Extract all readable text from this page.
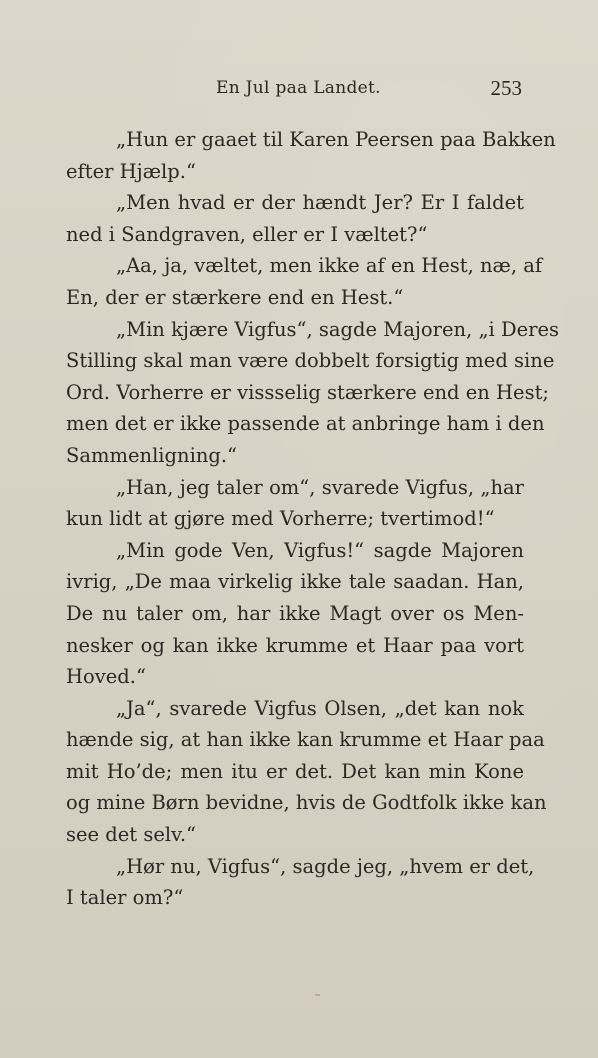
En Jul paa Landet.	253

„Hun er gaaet til Karen Peersen paa Bakken
efter Hjælp.“

„Men hvad er der hændt Jer? Er I faldet
ned i Sandgraven, eller er I væltet?“

„Aa, ja, væltet, men ikke af en Hest, næ, af
En, der er stærkere end en Hest.“

„Min kjære Vigfus“, sagde Majoren, „i Deres
Stilling skal man være dobbelt forsigtig med sine
Ord. Vorherre er vissselig stærkere end en Hest;
men det er ikke passende at anbringe ham i den
Sammenligning.“

„Han, jeg taler om“, svarede Vigfus, „har
kun lidt at gjøre med Vorherre; tvertimod!“

„Min gode Ven, Vigfus!“ sagde Majoren
ivrig, „De maa virkelig ikke tale saadan. Han,
De nu taler om, har ikke Magt over os Men-
nesker og kan ikke krumme et Haar paa vort
Hoved.“

„Ja“, svarede Vigfus Olsen, „det kan nok
hænde sig, at han ikke kan krumme et Haar paa
mit Ho’de; men itu er det. Det kan min Kone
og mine Børn bevidne, hvis de Godtfolk ikke kan
see det selv.“

„Hør nu, Vigfus“, sagde jeg, „hvem er det,
I taler om?“
